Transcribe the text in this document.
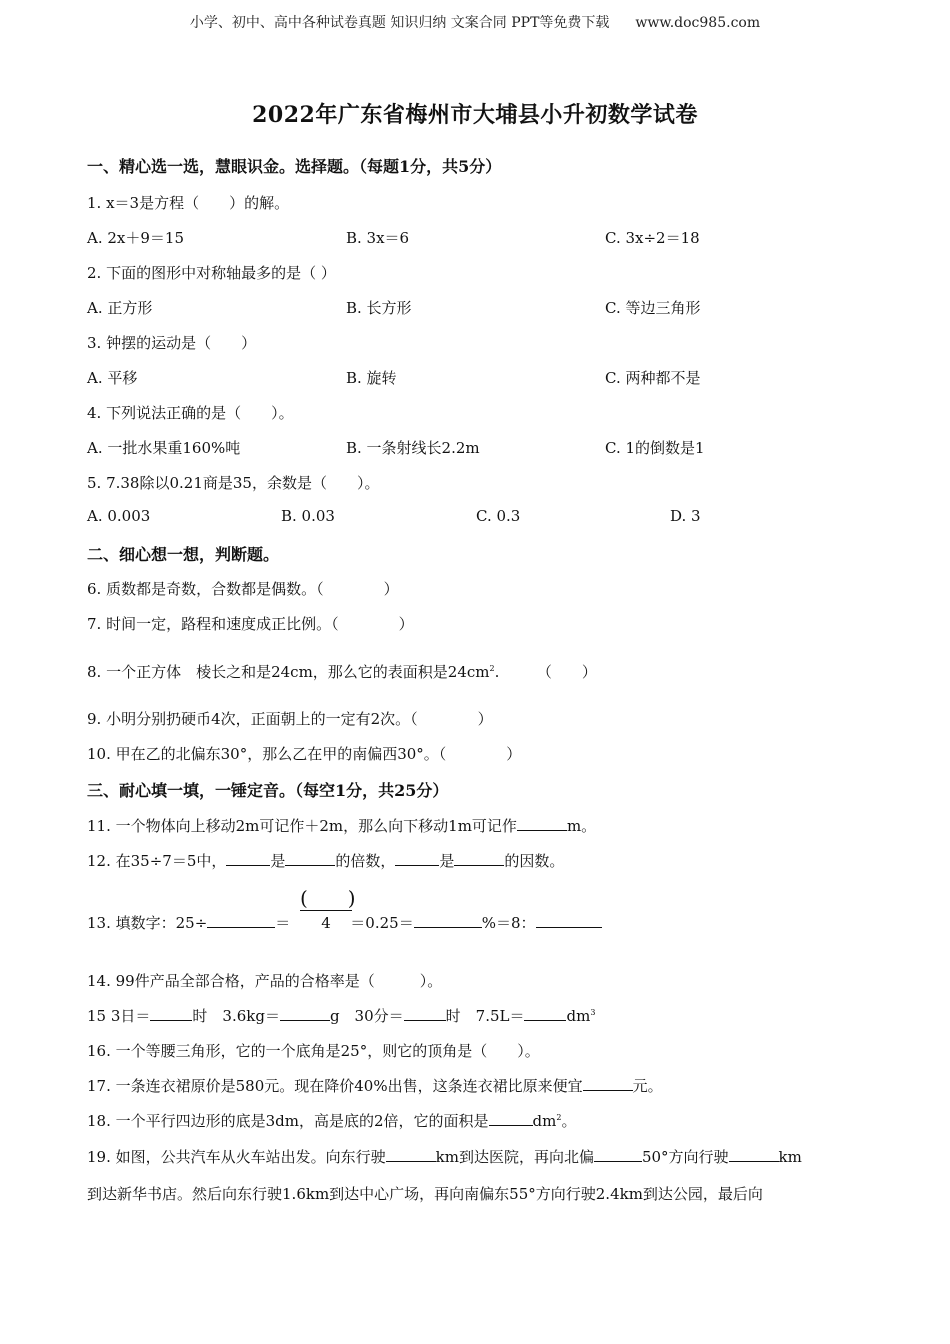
小学、初中、高中各种试卷真题 知识归纳 文案合同 PPT等免费下载 www.doc985.com
2022年广东省梅州市大埔县小升初数学试卷
一、精心选一选，慧眼识金。选择题。（每题1分，共5分）
1. x＝3是方程（　　）的解。
A. 2x＋9＝15	B. 3x＝6	C. 3x÷2＝18
2. 下面的图形中对称轴最多的是（ ）
A. 正方形	B. 长方形	C. 等边三角形
3. 钟摆的运动是（　　）
A. 平移	B. 旋转	C. 两种都不是
4. 下列说法正确的是（　　）。
A. 一批水果重160%吨	B. 一条射线长2.2m	C. 1的倒数是1
5. 7.38除以0.21商是35，余数是（　　）。
A. 0.003	B. 0.03	C. 0.3	D. 3
二、细心想一想，判断题。
6. 质数都是奇数，合数都是偶数。（　　　　）
7. 时间一定，路程和速度成正比例。（　　　　）
8. 一个正方体　棱长之和是24cm，那么它的表面积是$24cm^2$.　　　（　　）
9. 小明分别扔硬币4次，正面朝上的一定有2次。（　　　　）
10. 甲在乙的北偏东30°，那么乙在甲的南偏西30°。（　　　　）
三、耐心填一填，一锤定音。（每空1分，共25分）
11. 一个物体向上移动2m可记作＋2m，那么向下移动1m可记作	m。
12. 在35÷7＝5中，	是	的倍数，	是	的因数。
13. 填数字：25÷	＝	＝0.25＝	%＝8：
(　　)
4
14. 99件产品全部合格，产品的合格率是（　　　）。
15 3日＝	时　3.6kg＝	g　30分＝	时　7.5L＝	$dm^3$
16. 一个等腰三角形，它的一个底角是25°，则它的顶角是（　　）。
17. 一条连衣裙原价是580元。现在降价40%出售，这条连衣裙比原来便宜	元。
18. 一个平行四边形的底是3dm，高是底的2倍，它的面积是	$dm^2$。
19. 如图，公共汽车从火车站出发。向东行驶	km到达医院，再向北偏	50°方向行驶	km
到达新华书店。然后向东行驶1.6km到达中心广场，再向南偏东55°方向行驶2.4km到达公园，最后向
